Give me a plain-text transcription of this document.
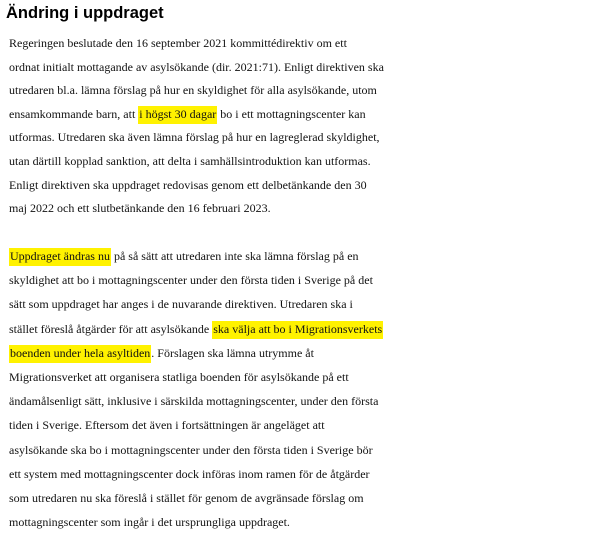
Ändring i uppdraget
Regeringen beslutade den 16 september 2021 kommittédirektiv om ett
ordnat initialt mottagande av asylsökande (dir. 2021:71). Enligt direktiven ska
utredaren bl.a. lämna förslag på hur en skyldighet för alla asylsökande, utom
ensamkommande barn, att i högst 30 dagar bo i ett mottagningscenter kan
utformas. Utredaren ska även lämna förslag på hur en lagreglerad skyldighet,
utan därtill kopplad sanktion, att delta i samhällsintroduktion kan utformas.
Enligt direktiven ska uppdraget redovisas genom ett delbetänkande den 30
maj 2022 och ett slutbetänkande den 16 februari 2023.
Uppdraget ändras nu på så sätt att utredaren inte ska lämna förslag på en
skyldighet att bo i mottagningscenter under den första tiden i Sverige på det
sätt som uppdraget har anges i de nuvarande direktiven. Utredaren ska i
stället föreslå åtgärder för att asylsökande ska välja att bo i Migrationsverkets
boenden under hela asyltiden. Förslagen ska lämna utrymme åt
Migrationsverket att organisera statliga boenden för asylsökande på ett
ändamålsenligt sätt, inklusive i särskilda mottagningscenter, under den första
tiden i Sverige. Eftersom det även i fortsättningen är angeläget att
asylsökande ska bo i mottagningscenter under den första tiden i Sverige bör
ett system med mottagningscenter dock införas inom ramen för de åtgärder
som utredaren nu ska föreslå i stället för genom de avgränsade förslag om
mottagningscenter som ingår i det ursprungliga uppdraget.
